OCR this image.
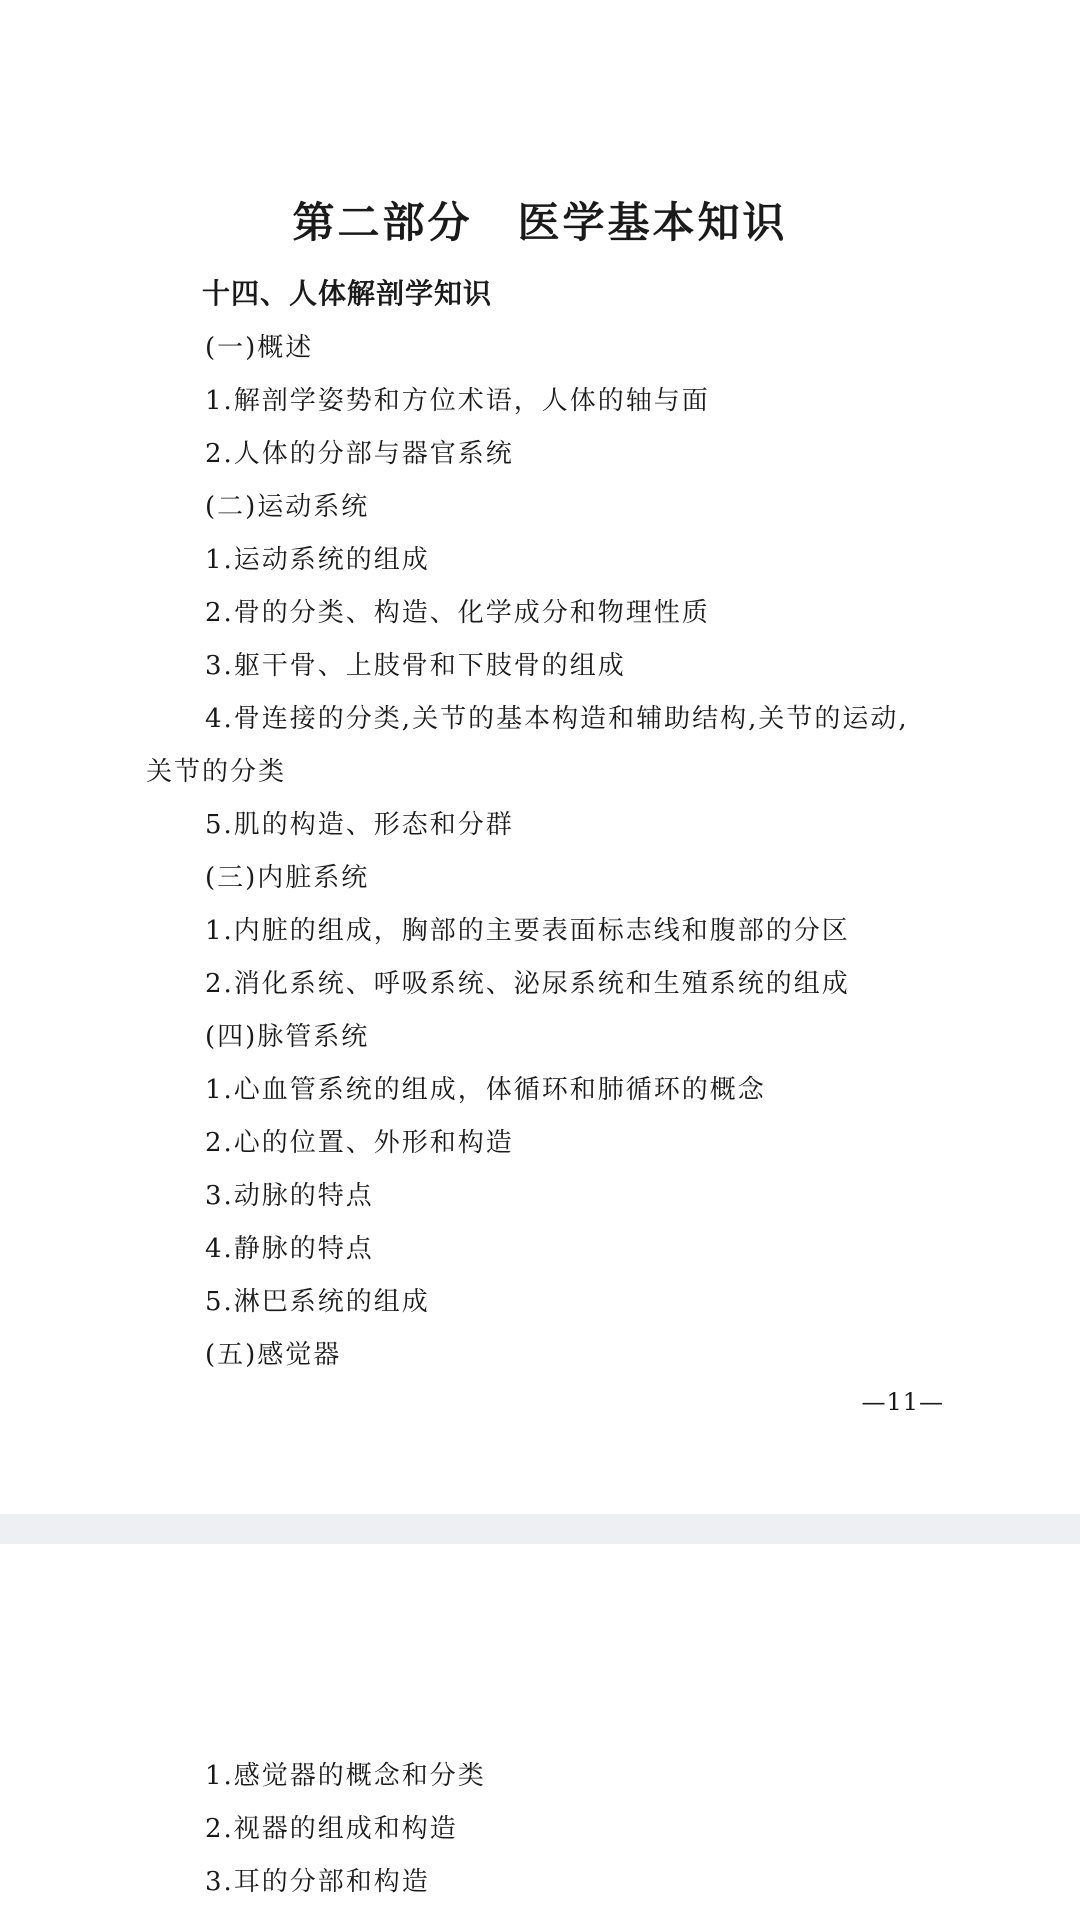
第二部分　医学基本知识
十四、人体解剖学知识
(一)概述
1.解剖学姿势和方位术语，人体的轴与面
2.人体的分部与器官系统
(二)运动系统
1.运动系统的组成
2.骨的分类、构造、化学成分和物理性质
3.躯干骨、上肢骨和下肢骨的组成
4.骨连接的分类,关节的基本构造和辅助结构,关节的运动,
关节的分类
5.肌的构造、形态和分群
(三)内脏系统
1.内脏的组成，胸部的主要表面标志线和腹部的分区
2.消化系统、呼吸系统、泌尿系统和生殖系统的组成
(四)脉管系统
1.心血管系统的组成，体循环和肺循环的概念
2.心的位置、外形和构造
3.动脉的特点
4.静脉的特点
5.淋巴系统的组成
(五)感觉器
—11—
1.感觉器的概念和分类
2.视器的组成和构造
3.耳的分部和构造
